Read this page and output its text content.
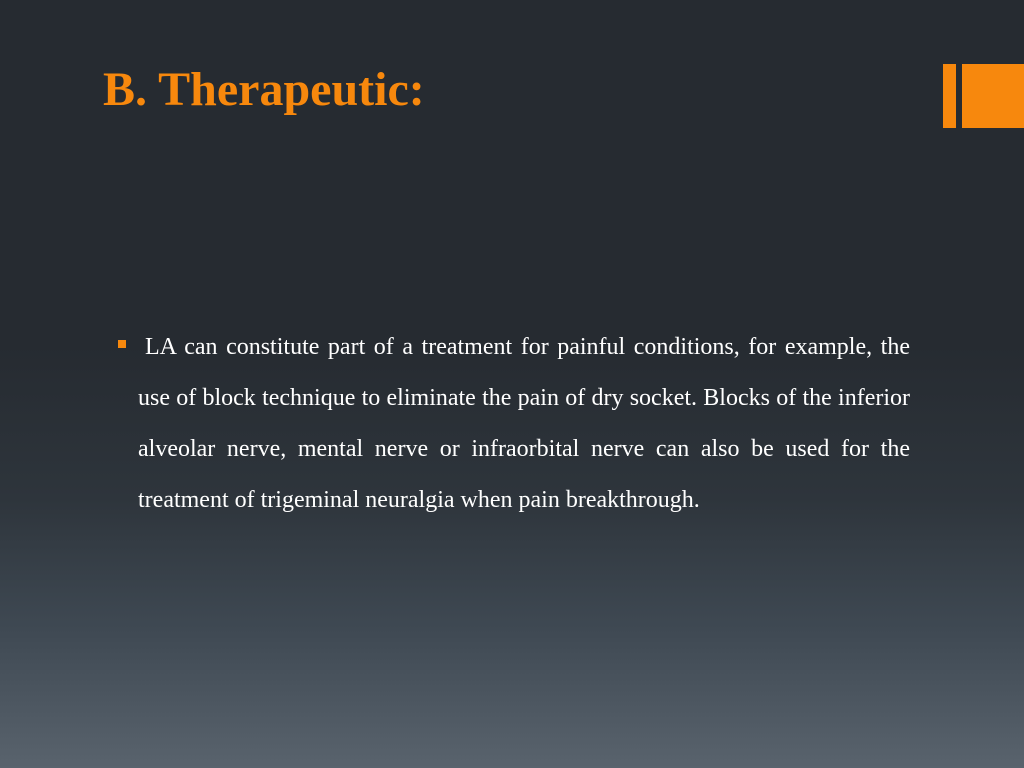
B. Therapeutic:
LA can constitute part of a treatment for painful conditions, for example, the use of block technique to eliminate the pain of dry socket. Blocks of the inferior alveolar nerve, mental nerve or infraorbital nerve can also be used for the treatment of trigeminal neuralgia when pain breakthrough.
